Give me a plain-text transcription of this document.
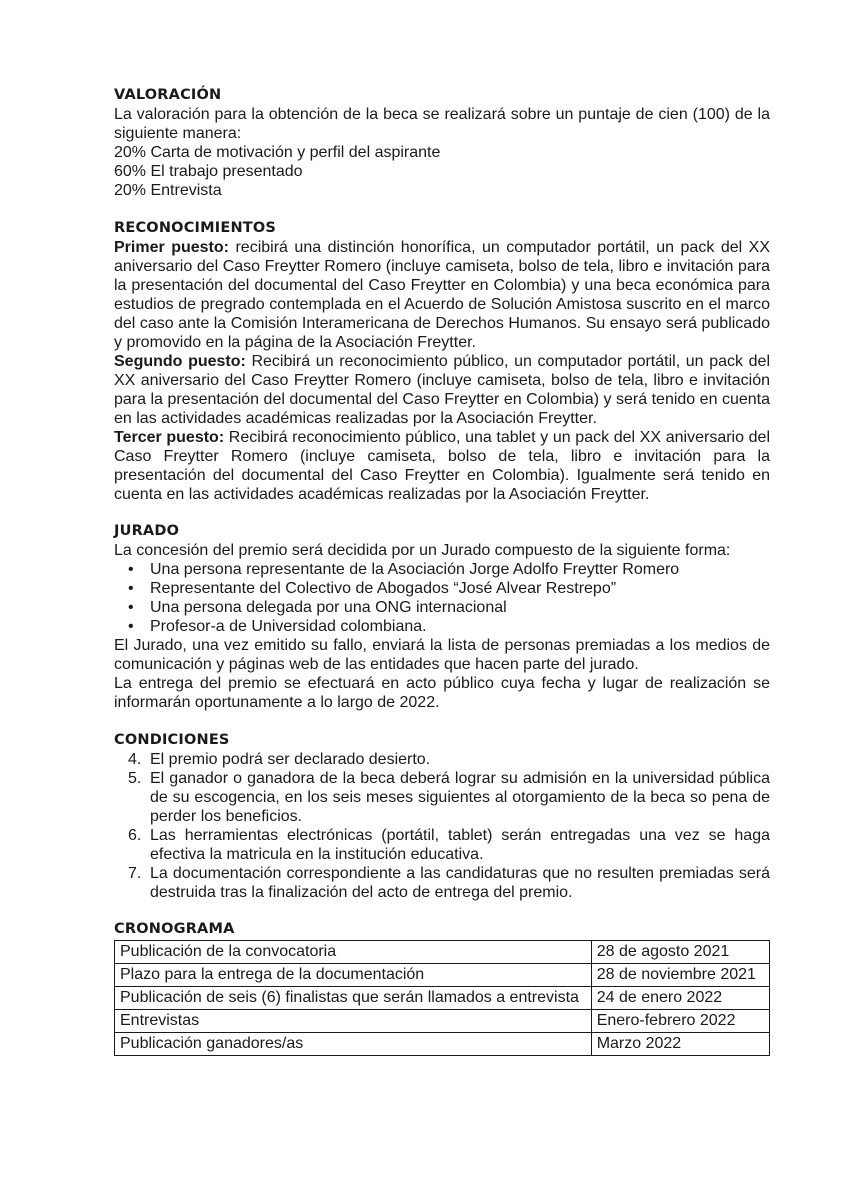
VALORACIÓN

La valoración para la obtención de la beca se realizará sobre un puntaje de cien (100) de la

siguiente manera:

20% Carta de motivación y perfil del aspirante

60% El trabajo presentado

20% Entrevista

RECONOCIMIENTOS

Primer puesto: recibirá una distinción honorífica, un computador portátil, un pack del XX aniversario del Caso Freytter Romero (incluye camiseta, bolso de tela, libro e invitación para la presentación del documental del Caso Freytter en Colombia) y una beca económica para estudios de pregrado contemplada en el Acuerdo de Solución Amistosa suscrito en el marco del caso ante la Comisión Interamericana de Derechos Humanos. Su ensayo será publicado y promovido en la página de la Asociación Freytter.

Segundo puesto: Recibirá un reconocimiento público, un computador portátil, un pack del XX aniversario del Caso Freytter Romero (incluye camiseta, bolso de tela, libro e invitación para la presentación del documental del Caso Freytter en Colombia) y será tenido en cuenta en las actividades académicas realizadas por la Asociación Freytter.

Tercer puesto: Recibirá reconocimiento público, una tablet y un pack del XX aniversario del Caso Freytter Romero (incluye camiseta, bolso de tela, libro e invitación para la presentación del documental del Caso Freytter en Colombia). Igualmente será tenido en cuenta en las actividades académicas realizadas por la Asociación Freytter.

JURADO

La concesión del premio será decidida por un Jurado compuesto de la siguiente forma:

• Una persona representante de la Asociación Jorge Adolfo Freytter Romero
• Representante del Colectivo de Abogados “José Alvear Restrepo”
• Una persona delegada por una ONG internacional
• Profesor-a de Universidad colombiana.

El Jurado, una vez emitido su fallo, enviará la lista de personas premiadas a los medios de comunicación y páginas web de las entidades que hacen parte del jurado.

La entrega del premio se efectuará en acto público cuya fecha y lugar de realización se informarán oportunamente a lo largo de 2022.

CONDICIONES

4. El premio podrá ser declarado desierto.
5. El ganador o ganadora de la beca deberá lograr su admisión en la universidad pública de su escogencia, en los seis meses siguientes al otorgamiento de la beca so pena de perder los beneficios.
6. Las herramientas electrónicas (portátil, tablet) serán entregadas una vez se haga efectiva la matricula en la institución educativa.
7. La documentación correspondiente a las candidaturas que no resulten premiadas será destruida tras la finalización del acto de entrega del premio.

CRONOGRAMA

Publicación de la convocatoria	28 de agosto 2021
Plazo para la entrega de la documentación	28 de noviembre 2021
Publicación de seis (6) finalistas que serán llamados a entrevista	24 de enero 2022
Entrevistas	Enero-febrero 2022
Publicación ganadores/as	Marzo 2022
